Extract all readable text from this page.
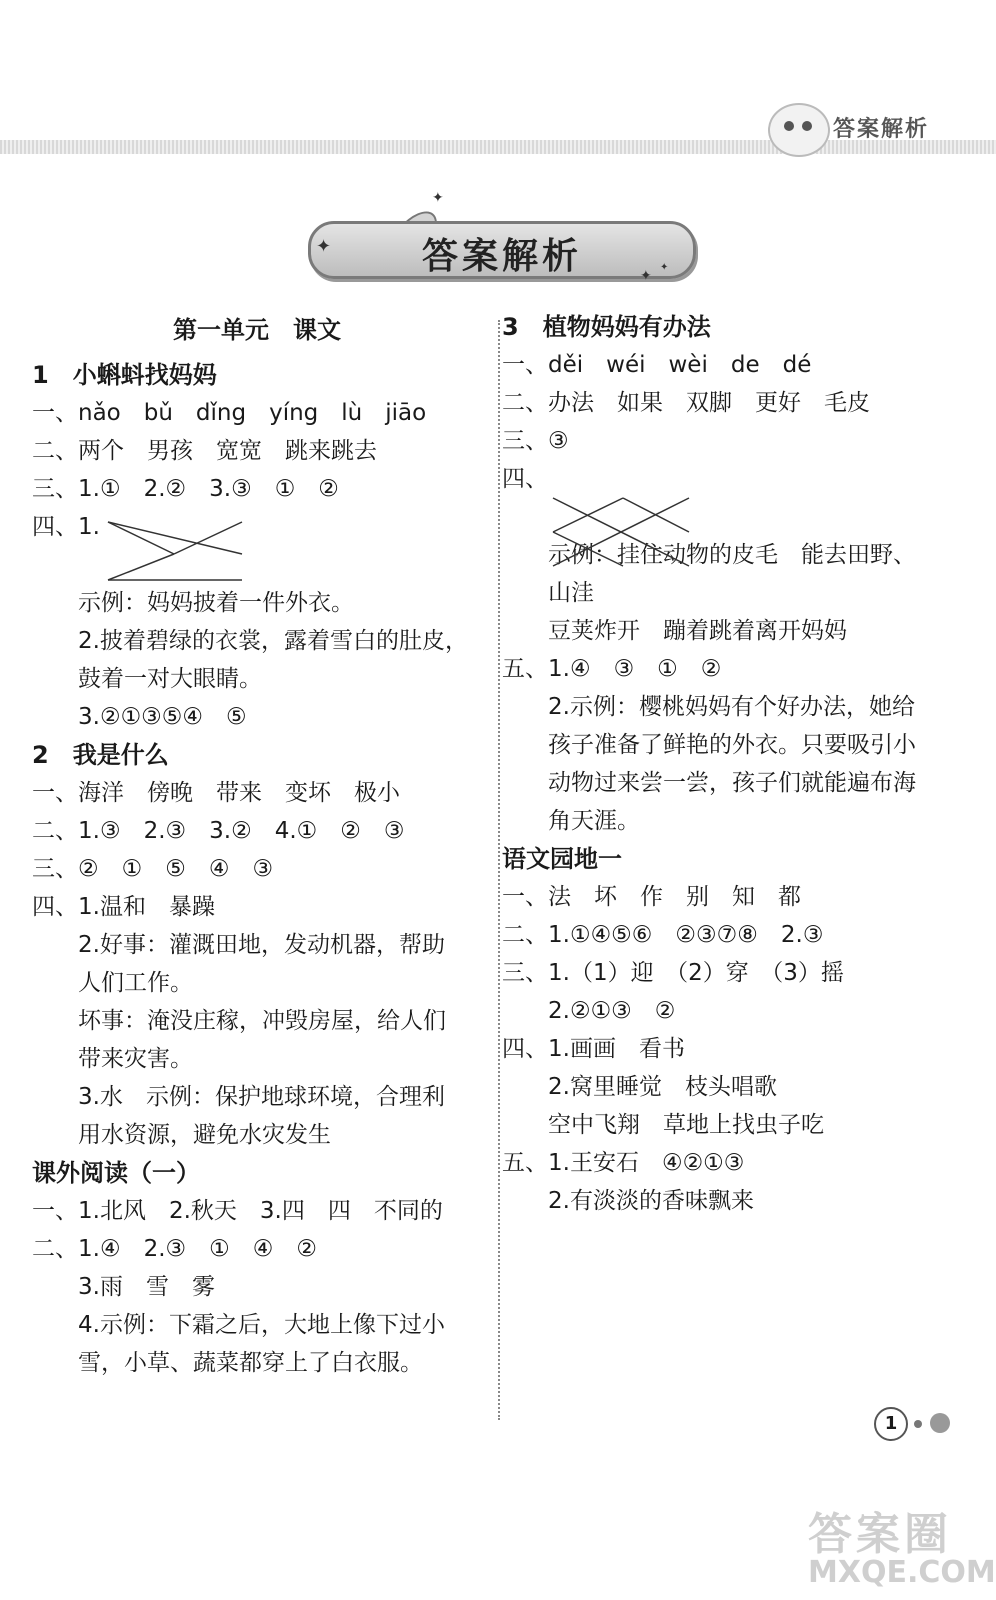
答案解析
答案解析
✦
✦
✦
✦
第一单元　课文
1　小蝌蚪找妈妈
一、nǎo　bǔ　dǐng　yíng　lù　jiāo
二、两个　男孩　宽宽　跳来跳去
三、1.①　2.②　3.③　①　②
四、1.
　　示例：妈妈披着一件外衣。
　　2.披着碧绿的衣裳，露着雪白的肚皮，
　　鼓着一对大眼睛。
　　3.②①③⑤④　⑤
2　我是什么
一、海洋　傍晚　带来　变坏　极小
二、1.③　2.③　3.②　4.①　②　③
三、②　①　⑤　④　③
四、1.温和　暴躁
　　2.好事：灌溉田地，发动机器，帮助
　　人们工作。
　　坏事：淹没庄稼，冲毁房屋，给人们
　　带来灾害。
　　3.水　示例：保护地球环境，合理利
　　用水资源，避免水灾发生
课外阅读（一）
一、1.北风　2.秋天　3.四　四　不同的
二、1.④　2.③　①　④　②
　　3.雨　雪　雾
　　4.示例：下霜之后，大地上像下过小
　　雪，小草、蔬菜都穿上了白衣服。
3　植物妈妈有办法
一、děi　wéi　wèi　de　dé
二、办法　如果　双脚　更好　毛皮
三、③
四、
　　示例：挂住动物的皮毛　能去田野、
　　山洼
　　豆荚炸开　蹦着跳着离开妈妈
五、1.④　③　①　②
　　2.示例：樱桃妈妈有个好办法，她给
　　孩子准备了鲜艳的外衣。只要吸引小
　　动物过来尝一尝，孩子们就能遍布海
　　角天涯。
语文园地一
一、法　坏　作　别　知　都
二、1.①④⑤⑥　②③⑦⑧　2.③
三、1.（1）迎　（2）穿　（3）摇
　　2.②①③　②
四、1.画画　看书
　　2.窝里睡觉　枝头唱歌
　　空中飞翔　草地上找虫子吃
五、1.王安石　④②①③
　　2.有淡淡的香味飘来
1
答案圈
MXQE.COM
